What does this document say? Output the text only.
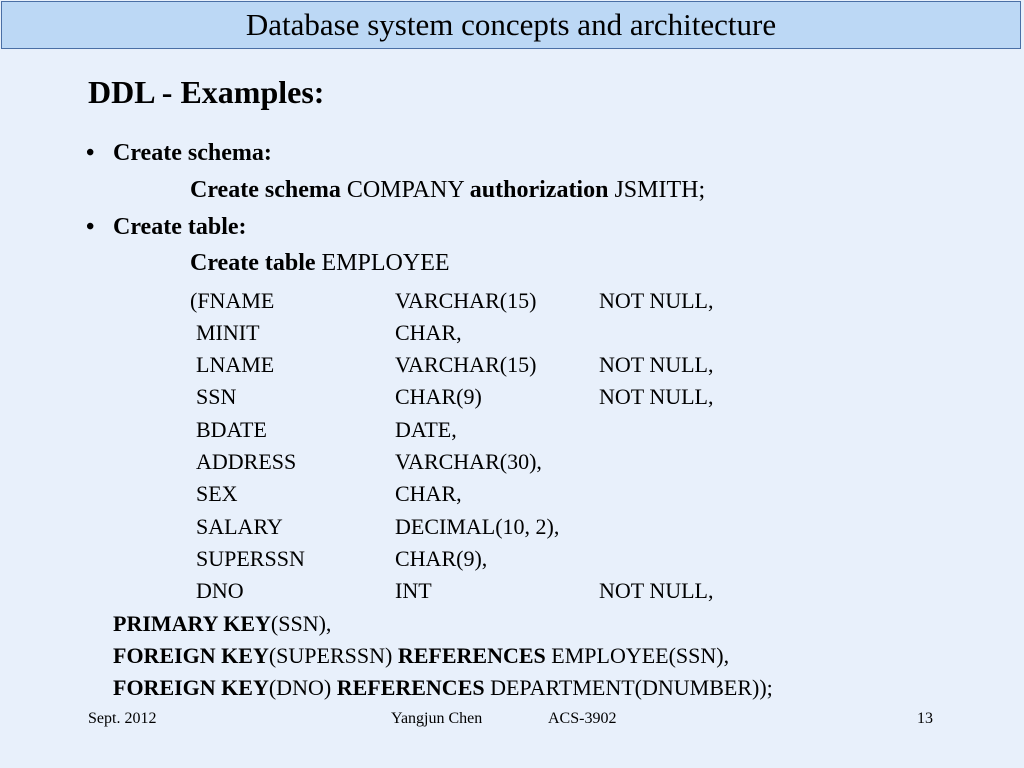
Database system concepts and architecture
DDL - Examples:
• Create schema:
Create schema COMPANY authorization JSMITH;
• Create table:
Create table EMPLOYEE
(FNAME	VARCHAR(15)	NOT NULL,
MINIT	CHAR,
LNAME	VARCHAR(15)	NOT NULL,
SSN	CHAR(9)	NOT NULL,
BDATE	DATE,
ADDRESS	VARCHAR(30),
SEX	CHAR,
SALARY	DECIMAL(10, 2),
SUPERSSN	CHAR(9),
DNO	INT	NOT NULL,
PRIMARY KEY(SSN),
FOREIGN KEY(SUPERSSN) REFERENCES EMPLOYEE(SSN),
FOREIGN KEY(DNO) REFERENCES DEPARTMENT(DNUMBER));
Sept. 2012	Yangjun Chen	ACS-3902	13
